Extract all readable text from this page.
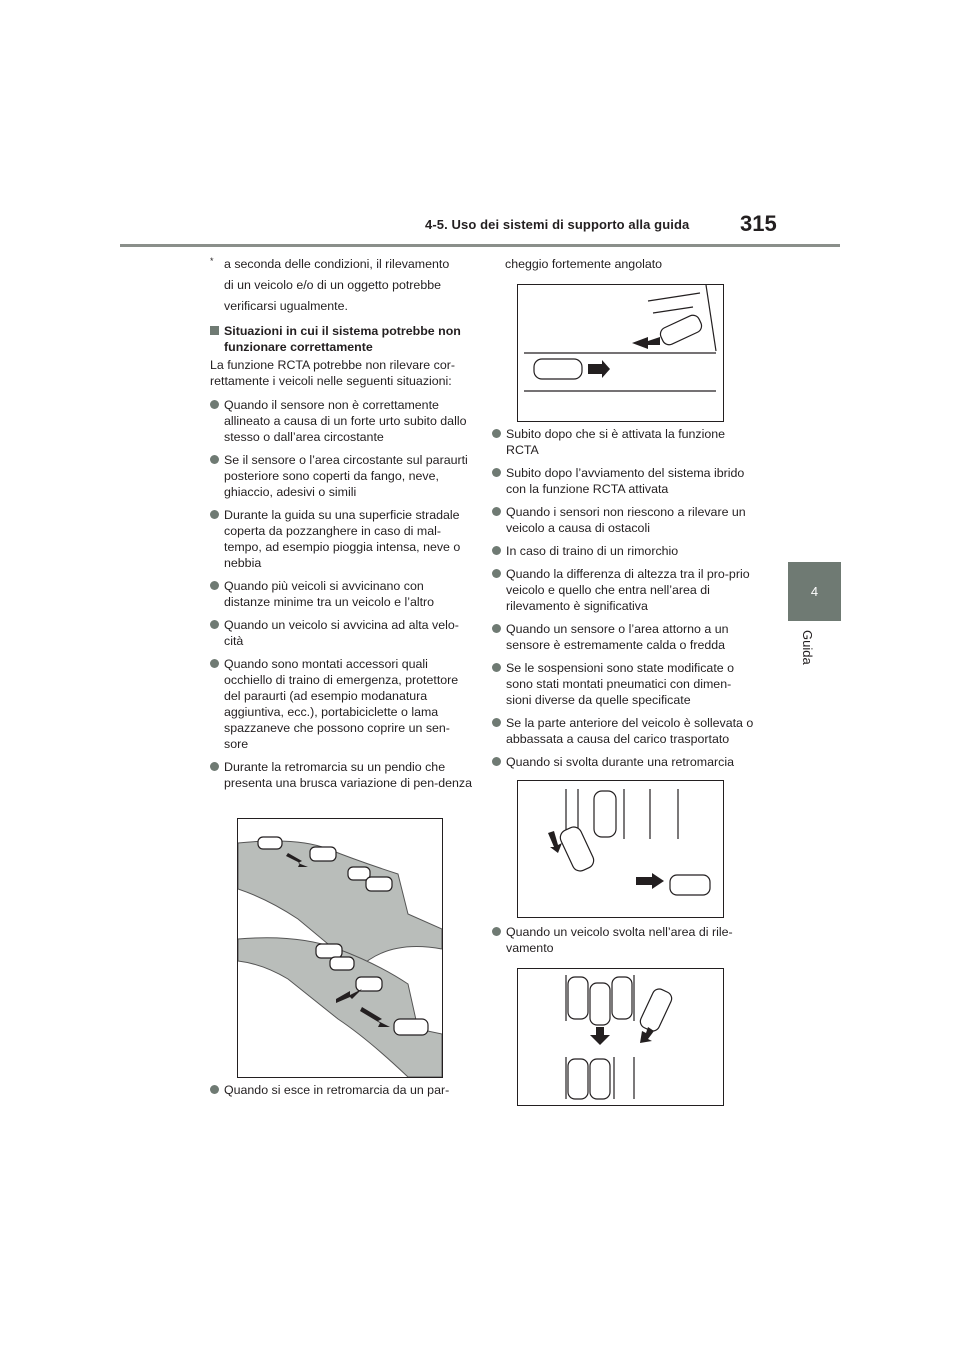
4-5. Uso dei sistemi di supporto alla guida 315
4
Guida
* a seconda delle condizioni, il rilevamento
di un veicolo e/o di un oggetto potrebbe
verificarsi ugualmente.
Situazioni in cui il sistema potrebbe non funzionare correttamente
La funzione RCTA potrebbe non rilevare cor-rettamente i veicoli nelle seguenti situazioni:
Quando il sensore non è correttamente allineato a causa di un forte urto subito dallo stesso o dall’area circostante
Se il sensore o l’area circostante sul paraurti posteriore sono coperti da fango, neve, ghiaccio, adesivi o simili
Durante la guida su una superficie stradale coperta da pozzanghere in caso di mal-tempo, ad esempio pioggia intensa, neve o nebbia
Quando più veicoli si avvicinano con distanze minime tra un veicolo e l’altro
Quando un veicolo si avvicina ad alta velo-cità
Quando sono montati accessori quali occhiello di traino di emergenza, protettore del paraurti (ad esempio modanatura aggiuntiva, ecc.), portabiciclette o lama spazzaneve che possono coprire un sen-sore
Durante la retromarcia su un pendio che presenta una brusca variazione di pen-denza
Quando si esce in retromarcia da un par-
cheggio fortemente angolato
Subito dopo che si è attivata la funzione RCTA
Subito dopo l’avviamento del sistema ibrido con la funzione RCTA attivata
Quando i sensori non riescono a rilevare un veicolo a causa di ostacoli
In caso di traino di un rimorchio
Quando la differenza di altezza tra il pro-prio veicolo e quello che entra nell’area di rilevamento è significativa
Quando un sensore o l’area attorno a un sensore è estremamente calda o fredda
Se le sospensioni sono state modificate o sono stati montati pneumatici con dimen-sioni diverse da quelle specificate
Se la parte anteriore del veicolo è sollevata o abbassata a causa del carico trasportato
Quando si svolta durante una retromarcia
Quando un veicolo svolta nell’area di rile-vamento
